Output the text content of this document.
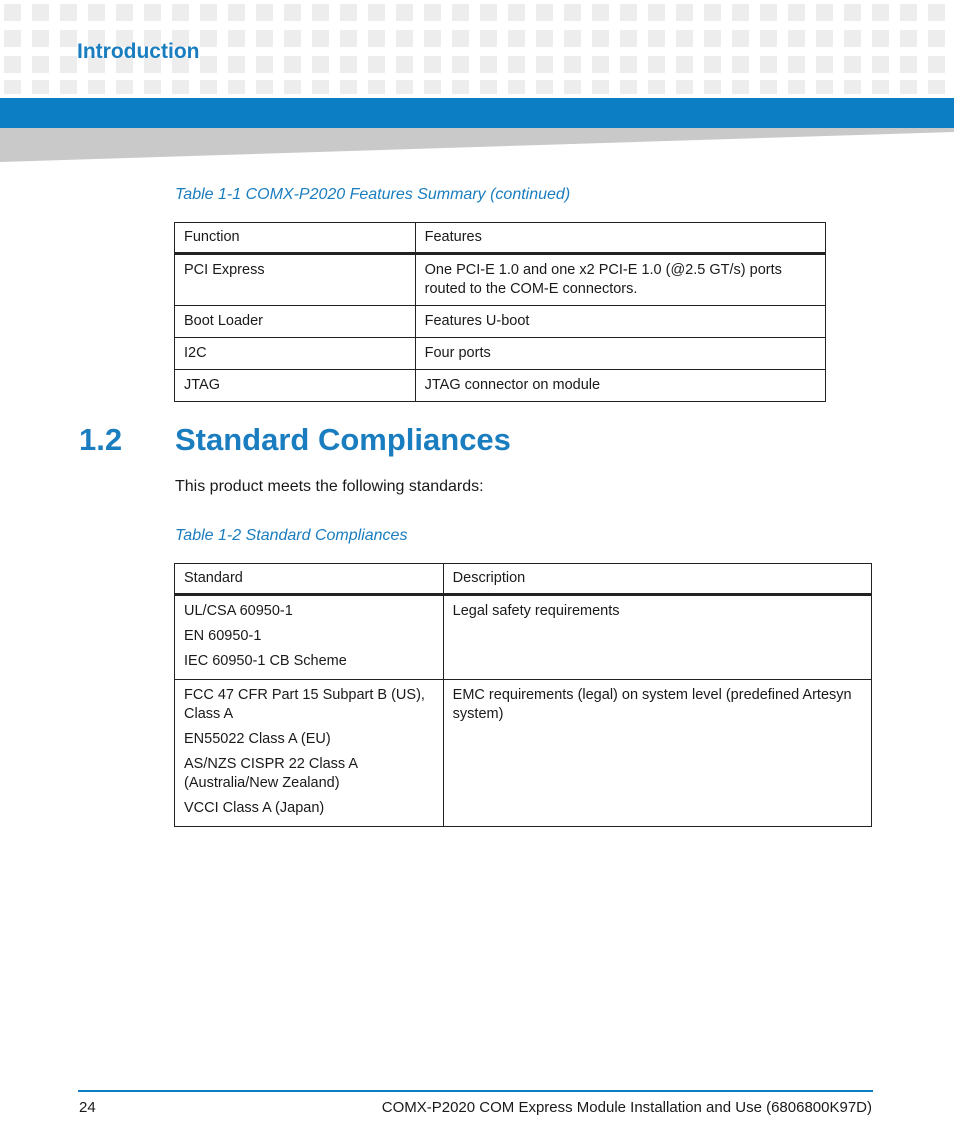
Introduction
Table 1-1 COMX-P2020 Features Summary (continued)
Function	Features
PCI Express	One PCI-E 1.0 and one x2 PCI-E 1.0 (@2.5 GT/s) ports routed to the COM-E connectors.
Boot Loader	Features U-boot
I2C	Four ports
JTAG	JTAG connector on module
1.2 Standard Compliances
This product meets the following standards:
Table 1-2 Standard Compliances
Standard	Description

UL/CSA 60950-1
EN 60950-1
IEC 60950-1 CB Scheme	Legal safety requirements

FCC 47 CFR Part 15 Subpart B (US), Class A
EN55022 Class A (EU)
AS/NZS CISPR 22 Class A (Australia/New Zealand)
VCCI Class A (Japan)	EMC requirements (legal) on system level (predefined Artesyn system)
24	COMX-P2020 COM Express Module Installation and Use (6806800K97D)
